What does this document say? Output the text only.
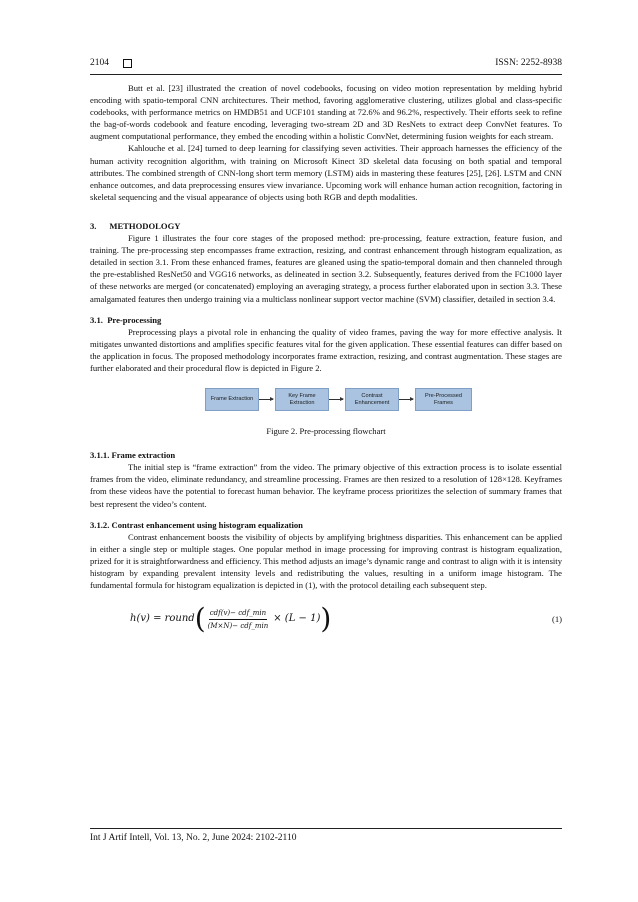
2104	ISSN: 2252-8938

Butt et al. [23] illustrated the creation of novel codebooks, focusing on video motion representation by melding hybrid encoding with spatio-temporal CNN architectures. Their method, favoring agglomerative clustering, utilizes global and class-specific codebooks, with performance metrics on HMDB51 and UCF101 standing at 72.6% and 96.2%, respectively. Their efforts seek to refine the bag-of-words codebook and feature encoding, leveraging two-stream 2D and 3D ResNets to extract deep ConvNet features. To augment computational performance, they embed the encoding within a holistic ConvNet, determining fusion weights for each stream.

Kahlouche et al. [24] turned to deep learning for classifying seven activities. Their approach harnesses the efficiency of the human activity recognition algorithm, with training on Microsoft Kinect 3D skeletal data focusing on both spatial and temporal attributes. The combined strength of CNN-long short term memory (LSTM) aids in mastering these features [25], [26]. LSTM and CNN enhance outcomes, and data preprocessing ensures view invariance. Upcoming work will enhance human action recognition, factoring in skeletal sequencing and the visual appearance of objects using both RGB and depth modalities.

3.      METHODOLOGY

Figure 1 illustrates the four core stages of the proposed method: pre-processing, feature extraction, feature fusion, and training. The pre-processing step encompasses frame extraction, resizing, and contrast enhancement through histogram equalization, as detailed in section 3.1. From these enhanced frames, features are gleaned using the spatio-temporal domain and then channeled through the pre-established ResNet50 and VGG16 networks, as delineated in section 3.2. Subsequently, features derived from the FC1000 layer of these networks are merged (or concatenated) employing an averaging strategy, a process further elaborated upon in section 3.3. These amalgamated features then undergo training via a multiclass nonlinear support vector machine (SVM) classifier, detailed in section 3.4.

3.1.  Pre-processing

Preprocessing plays a pivotal role in enhancing the quality of video frames, paving the way for more effective analysis. It mitigates unwanted distortions and amplifies specific features vital for the given application. These essential features can differ based on the application in focus. The proposed methodology incorporates frame extraction, resizing, and contrast augmentation. These stages are further elaborated and their procedural flow is depicted in Figure 2.

Frame Extraction
Key Frame Extraction
Contrast Enhancement
Pre-Processed Frames

Figure 2. Pre-processing flowchart

3.1.1. Frame extraction

The initial step is “frame extraction” from the video. The primary objective of this extraction process is to isolate essential frames from the video, eliminate redundancy, and streamline processing. Frames are then resized to a resolution of 128×128. Keyframes from these videos have the potential to forecast human behavior. The keyframe process prioritizes the selection of summary frames that best represent the video’s content.

3.1.2. Contrast enhancement using histogram equalization

Contrast enhancement boosts the visibility of objects by amplifying brightness disparities. This enhancement can be applied in either a single step or multiple stages. One popular method in image processing for improving contrast is histogram equalization, prized for it is straightforwardness and efficiency. This method adjusts an image’s dynamic range and contrast to align with it is intensity histogram by expanding prevalent intensity levels and redistributing the values, resulting in a uniform image histogram. The fundamental formula for histogram equalization is depicted in (1), with the protocol detailing each subsequent step.

h(v) = round ( $\frac{\text{cdf(v)− cdf\_min}}{\text{(M×N)− cdf\_min}} \times (L - 1)$ )	(1)
Int J Artif Intell, Vol. 13, No. 2, June 2024: 2102-2110
